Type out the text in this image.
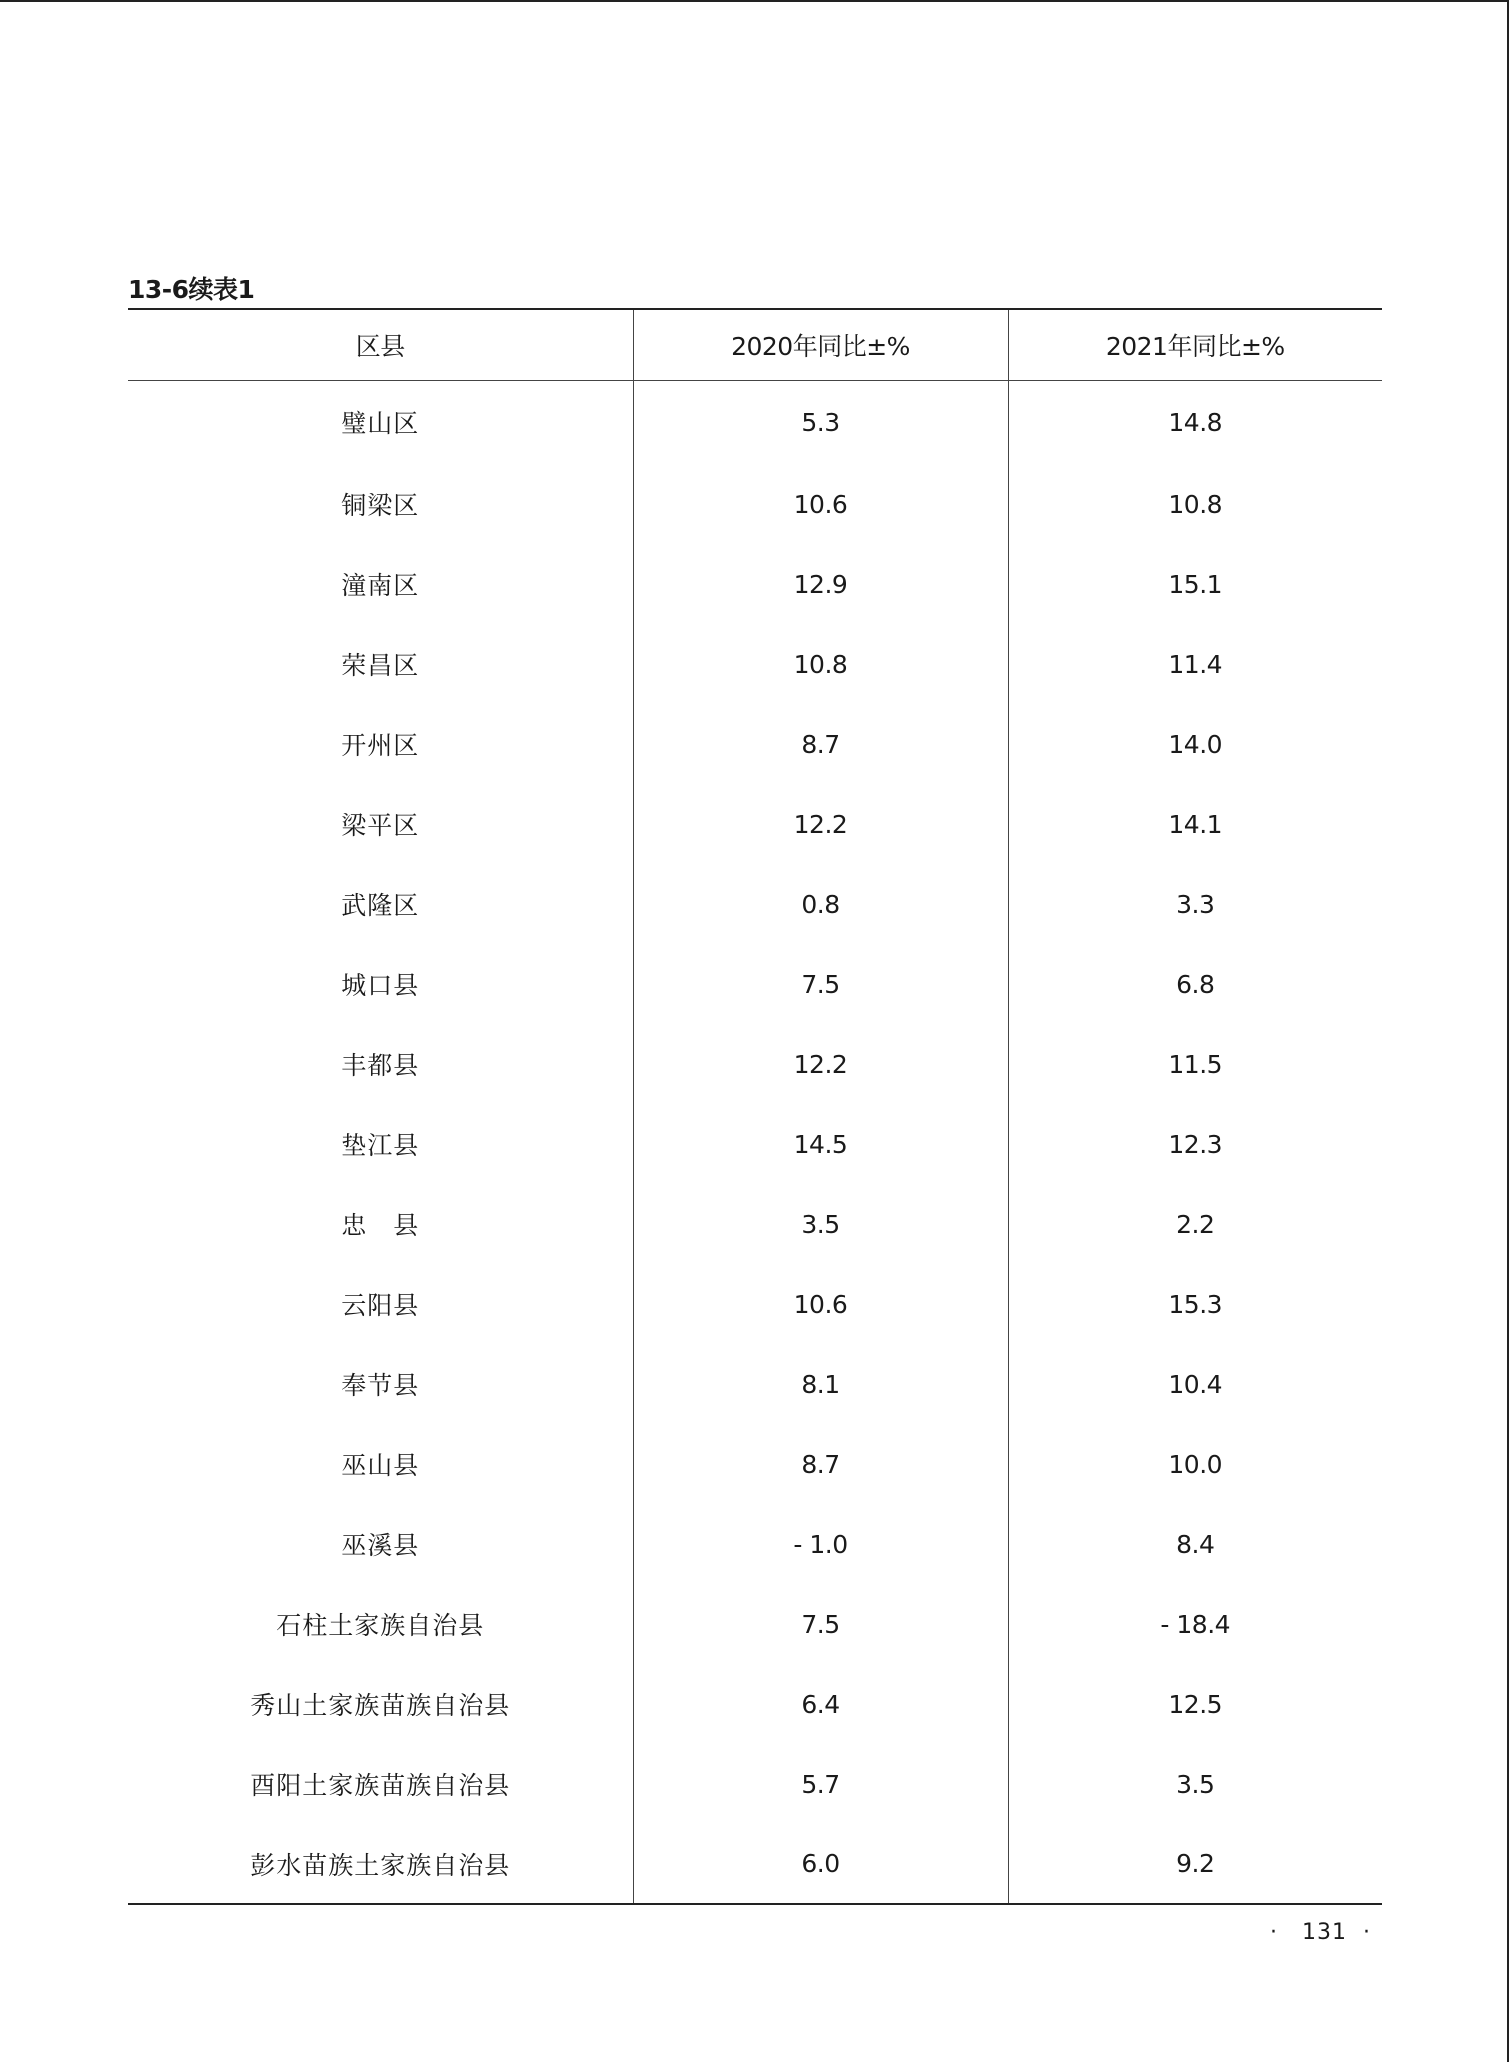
13-6续表1
区县	2020年同比±%	2021年同比±%
璧山区	5.3	14.8
铜梁区	10.6	10.8
潼南区	12.9	15.1
荣昌区	10.8	11.4
开州区	8.7	14.0
梁平区	12.2	14.1
武隆区	0.8	3.3
城口县	7.5	6.8
丰都县	12.2	11.5
垫江县	14.5	12.3
忠　县	3.5	2.2
云阳县	10.6	15.3
奉节县	8.1	10.4
巫山县	8.7	10.0
巫溪县	- 1.0	8.4
石柱土家族自治县	7.5	- 18.4
秀山土家族苗族自治县	6.4	12.5
酉阳土家族苗族自治县	5.7	3.5
彭水苗族土家族自治县	6.0	9.2
·   131  ·
